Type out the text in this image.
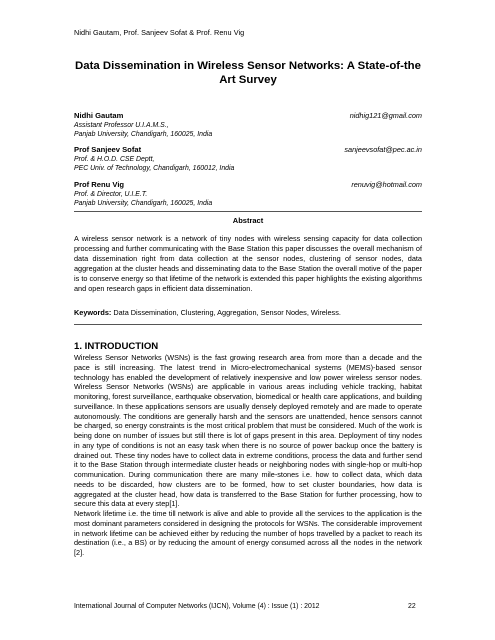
Nidhi Gautam, Prof. Sanjeev Sofat & Prof. Renu Vig
Data Dissemination in Wireless Sensor Networks: A State-of-the Art Survey
Nidhi Gautam	nidhig121@gmail.com
Assistant Professor U.I.A.M.S.,
Panjab University, Chandigarh, 160025, India
Prof Sanjeev Sofat	sanjeevsofat@pec.ac.in
Prof. & H.O.D. CSE Deptt,
PEC Univ. of Technology, Chandigarh, 160012, India
Prof Renu Vig	renuvig@hotmail.com
Prof. & Director, U.I.E.T.
Panjab University, Chandigarh, 160025, India
Abstract
A wireless sensor network is a network of tiny nodes with wireless sensing capacity for data collection processing and further communicating with the Base Station this paper discusses the overall mechanism of data dissemination right from data collection at the sensor nodes, clustering of sensor nodes, data aggregation at the cluster heads and disseminating data to the Base Station the overall motive of the paper is to conserve energy so that lifetime of the network is extended this paper highlights the existing algorithms and open research gaps in efficient data dissemination.
Keywords: Data Dissemination, Clustering, Aggregation, Sensor Nodes, Wireless.
1. INTRODUCTION

Wireless Sensor Networks (WSNs) is the fast growing research area from more than a decade and the pace is still increasing. The latest trend in Micro-electromechanical systems (MEMS)-based sensor technology has enabled the development of relatively inexpensive and low power wireless sensor nodes. Wireless Sensor Networks (WSNs) are applicable in various areas including vehicle tracking, habitat monitoring, forest surveillance, earthquake observation, biomedical or health care applications, and building surveillance. In these applications sensors are usually densely deployed remotely and are made to operate autonomously. The conditions are generally harsh and the sensors are unattended, hence sensors cannot be charged, so energy constraints is the most critical problem that must be considered. Much of the work is being done on number of issues but still there is lot of gaps present in this area. Deployment of tiny nodes in any type of conditions is not an easy task when there is no source of power backup once the battery is drained out. These tiny nodes have to collect data in extreme conditions, process the data and further send it to the Base Station through intermediate cluster heads or neighboring nodes with single-hop or multi-hop communication. During communication there are many mile-stones i.e. how to collect data, which data needs to be discarded, how clusters are to be formed, how to set cluster boundaries, how data is aggregated at the cluster head, how data is transferred to the Base Station for further processing, how to secure this data at every step[1].

Network lifetime i.e. the time till network is alive and able to provide all the services to the application is the most dominant parameters considered in designing the protocols for WSNs. The considerable improvement in network lifetime can be achieved either by reducing the number of hops travelled by a packet to reach its destination (i.e., a BS) or by reducing the amount of energy consumed across all the nodes in the network [2].

International Journal of Computer Networks (IJCN), Volume (4) : Issue (1) : 2012	22
